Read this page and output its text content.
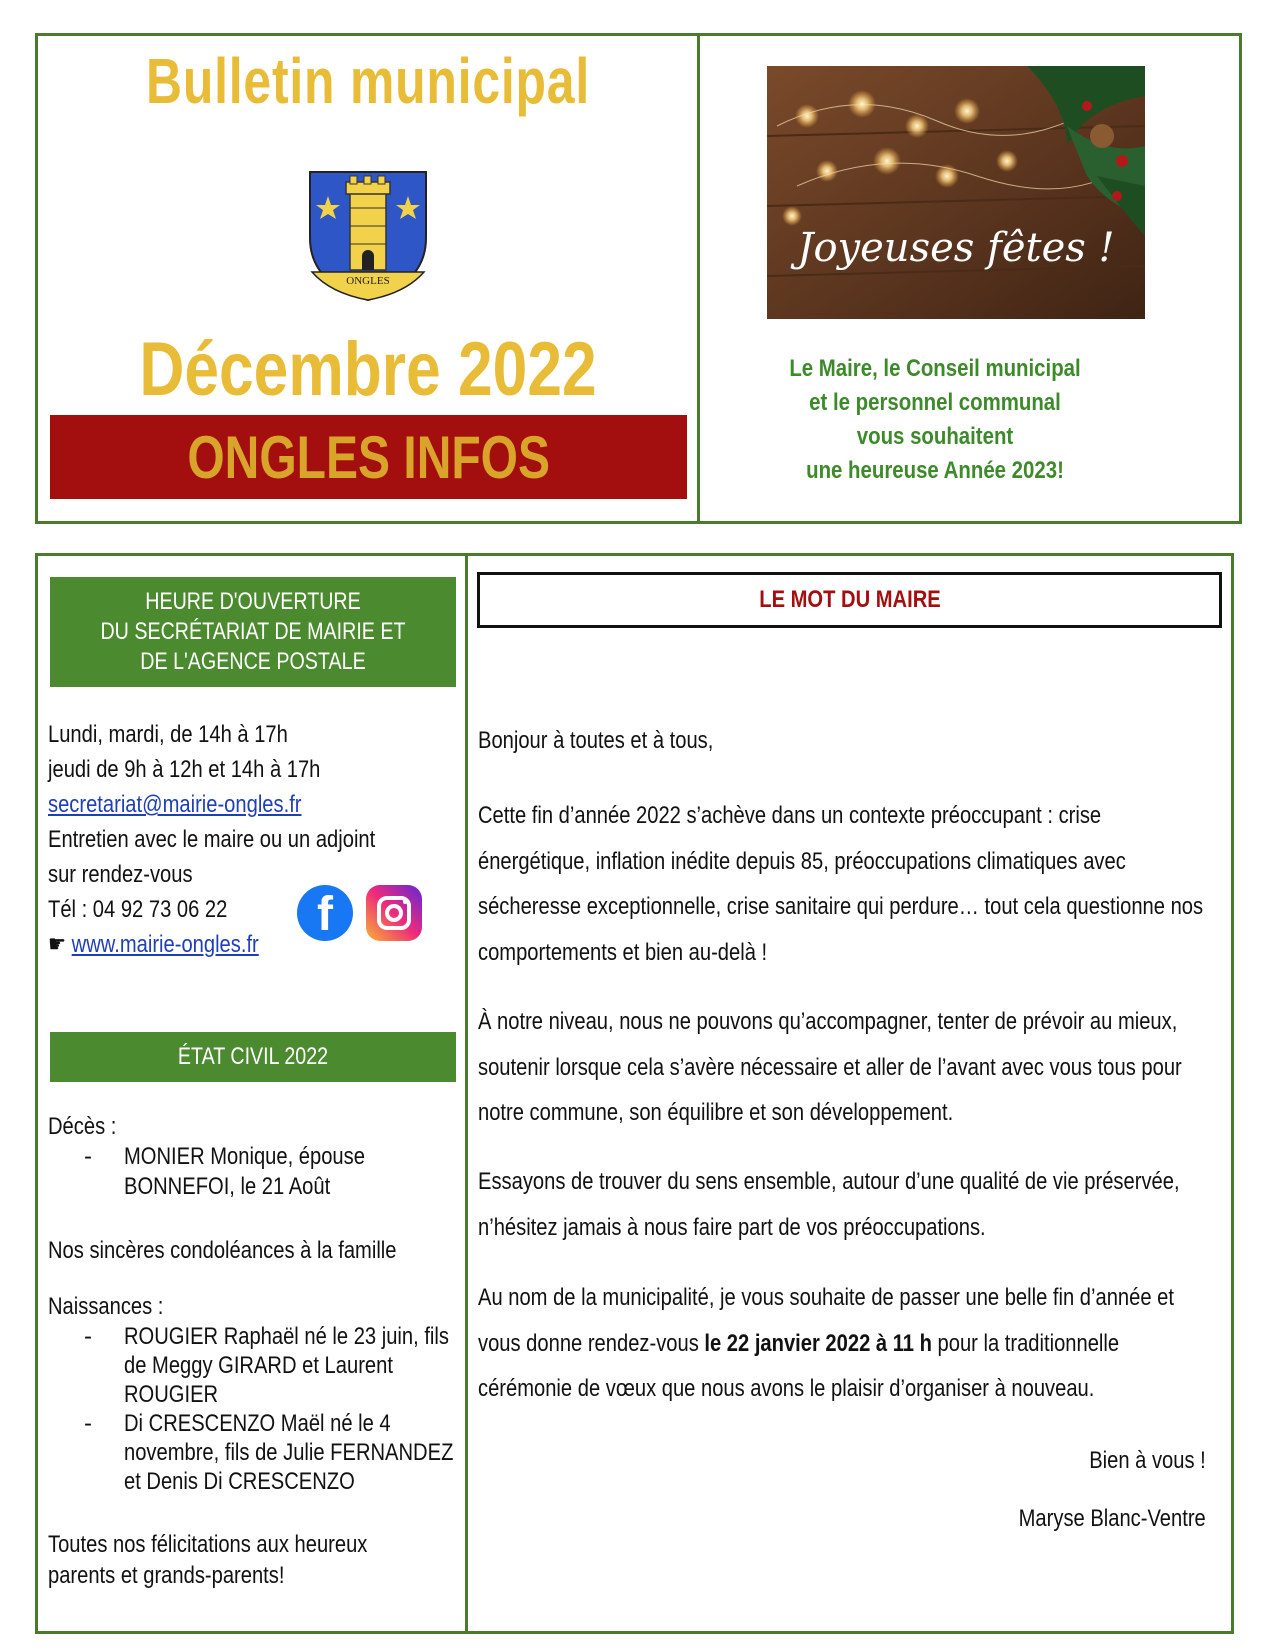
Bulletin municipal
ONGLES
Décembre 2022
ONGLES INFOS
Joyeuses fêtes !
Le Maire, le Conseil municipal
et le personnel communal
vous souhaitent
une heureuse Année 2023!
HEURE D'OUVERTURE
DU SECRÉTARIAT DE MAIRIE ET
DE L'AGENCE POSTALE
Lundi, mardi, de 14h à 17h
jeudi de 9h à 12h et 14h à 17h
secretariat@mairie-ongles.fr
Entretien avec le maire ou un adjoint
sur rendez-vous
Tél : 04 92 73 06 22
☛ www.mairie-ongles.fr
f
ÉTAT CIVIL 2022
Décès :
- MONIER Monique, épouse
BONNEFOI, le 21 Août
Nos sincères condoléances à la famille
Naissances :
- ROUGIER Raphaël né le 23 juin, fils
de Meggy GIRARD et Laurent
ROUGIER
- Di CRESCENZO Maël né le 4
novembre, fils de Julie FERNANDEZ
et Denis Di CRESCENZO
Toutes nos félicitations aux heureux
parents et grands-parents!
LE MOT DU MAIRE
Bonjour à toutes et à tous,
Cette fin d’année 2022 s’achève dans un contexte préoccupant : crise
énergétique, inflation inédite depuis 85, préoccupations climatiques avec
sécheresse exceptionnelle, crise sanitaire qui perdure… tout cela questionne nos
comportements et bien au-delà !
À notre niveau, nous ne pouvons qu’accompagner, tenter de prévoir au mieux,
soutenir lorsque cela s’avère nécessaire et aller de l’avant avec vous tous pour
notre commune, son équilibre et son développement.
Essayons de trouver du sens ensemble, autour d’une qualité de vie préservée,
n’hésitez jamais à nous faire part de vos préoccupations.
Au nom de la municipalité, je vous souhaite de passer une belle fin d’année et
vous donne rendez-vous le 22 janvier 2022 à 11 h pour la traditionnelle
cérémonie de vœux que nous avons le plaisir d’organiser à nouveau.
Bien à vous !
Maryse Blanc-Ventre
